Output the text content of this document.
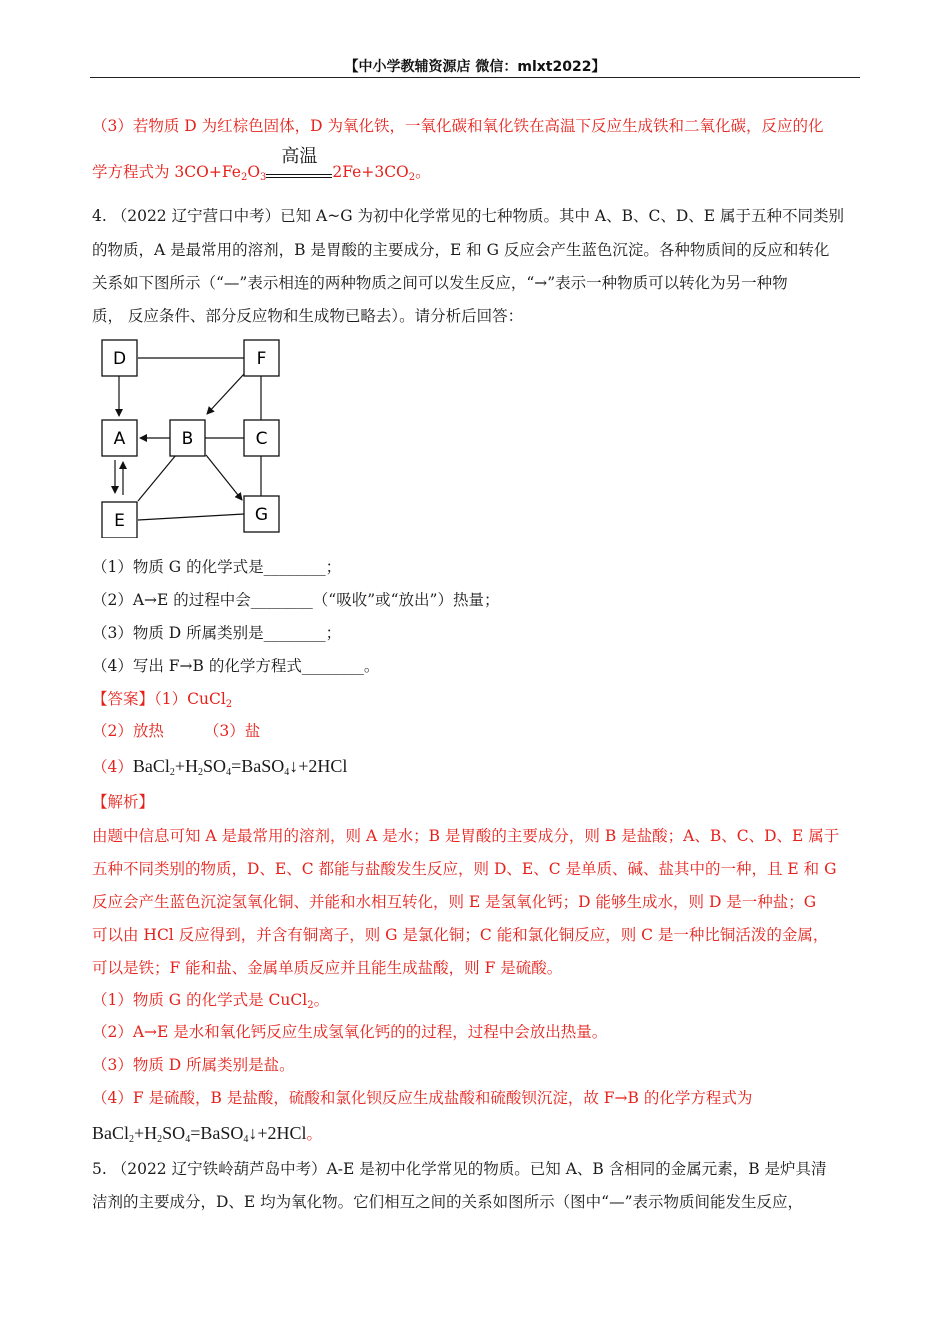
【中小学教辅资源店 微信：mlxt2022】
（3）若物质 D 为红棕色固体，D 为氧化铁，一氧化碳和氧化铁在高温下反应生成铁和二氧化碳，反应的化
学方程式为 $3CO+Fe_2O_3$
高温
$2Fe+3CO_2$。
4. （2022 辽宁营口中考）已知 A~G 为初中化学常见的七种物质。其中 A、B、C、D、E 属于五种不同类别
的物质，A 是最常用的溶剂，B 是胃酸的主要成分，E 和 G 反应会产生蓝色沉淀。各种物质间的反应和转化
关系如下图所示（“—”表示相连的两种物质之间可以发生反应，“→”表示一种物质可以转化为另一种物
质， 反应条件、部分反应物和生成物已略去）。请分析后回答：
D	F
A	B	C
E	G
（1）物质 G 的化学式是________；
（2）A→E 的过程中会________（“吸收”或“放出”）热量；
（3）物质 D 所属类别是________；
（4）写出 F→B 的化学方程式________。
【答案】（1）CuCl$_2$
（2）放热	（3）盐
$(4)BaCl_2+H_2SO_4=BaSO_4↓+2HCl$
【解析】
由题中信息可知 A 是最常用的溶剂，则 A 是水；B 是胃酸的主要成分，则 B 是盐酸；A、B、C、D、E 属于
五种不同类别的物质，D、E、C 都能与盐酸发生反应，则 D、E、C 是单质、碱、盐其中的一种，且 E 和 G
反应会产生蓝色沉淀氢氧化铜、并能和水相互转化，则 E 是氢氧化钙；D 能够生成水，则 D 是一种盐；G
可以由 HCl 反应得到，并含有铜离子，则 G 是氯化铜；C 能和氯化铜反应，则 C 是一种比铜活泼的金属，
可以是铁；F 能和盐、金属单质反应并且能生成盐酸，则 F 是硫酸。
（1）物质 G 的化学式是 CuCl$_2$。
（2）A→E 是水和氧化钙反应生成氢氧化钙的的过程，过程中会放出热量。
（3）物质 D 所属类别是盐。
（4）F 是硫酸，B 是盐酸，硫酸和氯化钡反应生成盐酸和硫酸钡沉淀，故 F→B 的化学方程式为
$BaCl_2+H_2SO_4=BaSO_4↓+2HCl$。
5. （2022 辽宁铁岭葫芦岛中考）A-E 是初中化学常见的物质。已知 A、B 含相同的金属元素，B 是炉具清
洁剂的主要成分，D、E 均为氧化物。它们相互之间的关系如图所示（图中“—”表示物质间能发生反应，
